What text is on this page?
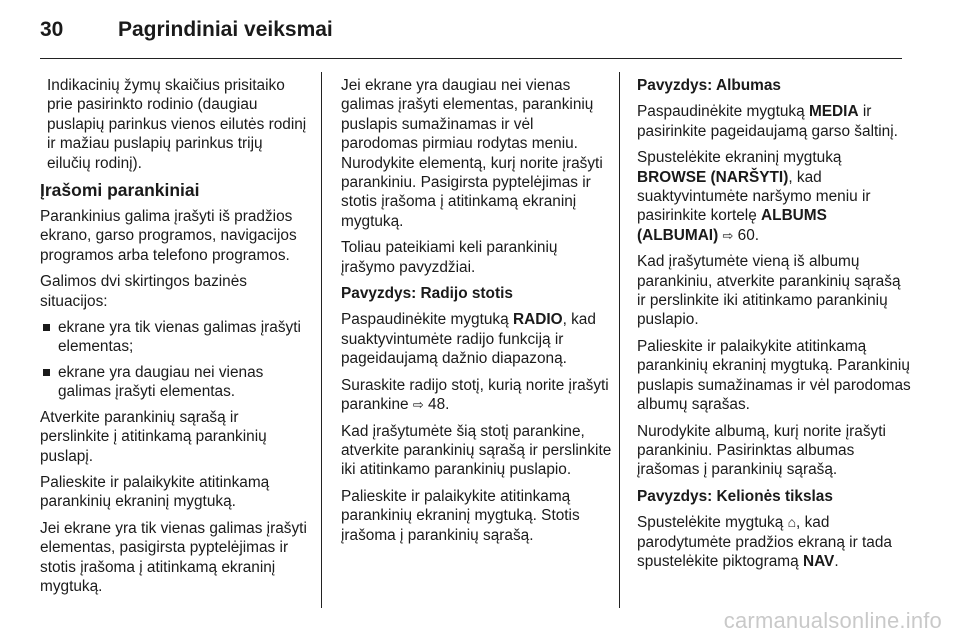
30	Pagrindiniai veiksmai

Indikacinių žymų skaičius prisitaiko prie pasirinkto rodinio (daugiau puslapių parinkus vienos eilutės rodinį ir mažiau puslapių parinkus trijų eilučių rodinį).

Įrašomi parankiniai

Parankinius galima įrašyti iš pradžios ekrano, garso programos, navigacijos programos arba telefono programos.

Galimos dvi skirtingos bazinės situacijos:

ekrane yra tik vienas galimas įrašyti elementas;
ekrane yra daugiau nei vienas galimas įrašyti elementas.

Atverkite parankinių sąrašą ir perslinkite į atitinkamą parankinių puslapį.

Palieskite ir palaikykite atitinkamą parankinių ekraninį mygtuką.

Jei ekrane yra tik vienas galimas įrašyti elementas, pasigirsta pyptelėjimas ir stotis įrašoma į atitinkamą ekraninį mygtuką.

Jei ekrane yra daugiau nei vienas galimas įrašyti elementas, parankinių puslapis sumažinamas ir vėl parodomas pirmiau rodytas meniu. Nurodykite elementą, kurį norite įrašyti parankiniu. Pasigirsta pyptelėjimas ir stotis įrašoma į atitinkamą ekraninį mygtuką.

Toliau pateikiami keli parankinių įrašymo pavyzdžiai.

Pavyzdys: Radijo stotis

Paspaudinėkite mygtuką RADIO, kad suaktyvintumėte radijo funkciją ir pageidaujamą dažnio diapazoną.

Suraskite radijo stotį, kurią norite įrašyti parankine ⇨ 48.

Kad įrašytumėte šią stotį parankine, atverkite parankinių sąrašą ir perslinkite iki atitinkamo parankinių puslapio.

Palieskite ir palaikykite atitinkamą parankinių ekraninį mygtuką. Stotis įrašoma į parankinių sąrašą.

Pavyzdys: Albumas

Paspaudinėkite mygtuką MEDIA ir pasirinkite pageidaujamą garso šaltinį.

Spustelėkite ekraninį mygtuką BROWSE (NARŠYTI), kad suaktyvintumėte naršymo meniu ir pasirinkite kortelę ALBUMS (ALBUMAI) ⇨ 60.

Kad įrašytumėte vieną iš albumų parankiniu, atverkite parankinių sąrašą ir perslinkite iki atitinkamo parankinių puslapio.

Palieskite ir palaikykite atitinkamą parankinių ekraninį mygtuką. Parankinių puslapis sumažinamas ir vėl parodomas albumų sąrašas.

Nurodykite albumą, kurį norite įrašyti parankiniu. Pasirinktas albumas įrašomas į parankinių sąrašą.

Pavyzdys: Kelionės tikslas

Spustelėkite mygtuką ⌂, kad parodytumėte pradžios ekraną ir tada spustelėkite piktogramą NAV.

carmanualsonline.info
